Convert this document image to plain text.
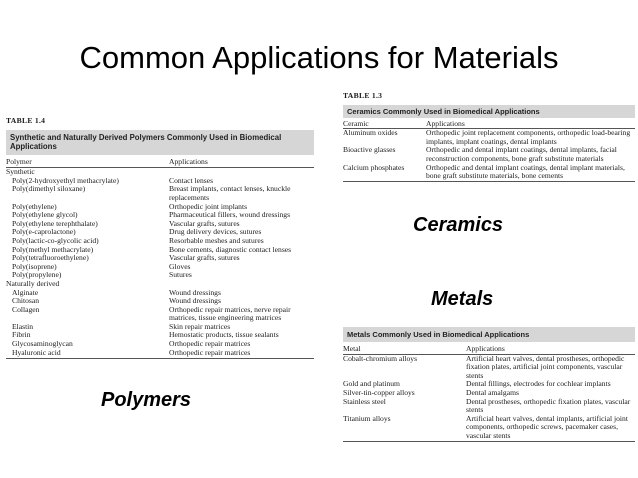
Common Applications for Materials
TABLE 1.4
Synthetic and Naturally Derived Polymers Commonly Used in Biomedical Applications
Polymer	Applications
Synthetic
Poly(2-hydroxyethyl methacrylate)	Contact lenses
Poly(dimethyl siloxane)	Breast implants, contact lenses, knuckle replacements
Poly(ethylene)	Orthopedic joint implants
Poly(ethylene glycol)	Pharmaceutical fillers, wound dressings
Poly(ethylene terephthalate)	Vascular grafts, sutures
Poly(e-caprolactone)	Drug delivery devices, sutures
Poly(lactic-co-glycolic acid)	Resorbable meshes and sutures
Poly(methyl methacrylate)	Bone cements, diagnostic contact lenses
Poly(tetrafluoroethylene)	Vascular grafts, sutures
Poly(isoprene)	Gloves
Poly(propylene)	Sutures
Naturally derived
Alginate	Wound dressings
Chitosan	Wound dressings
Collagen	Orthopedic repair matrices, nerve repair matrices, tissue engineering matrices
Elastin	Skin repair matrices
Fibrin	Hemostatic products, tissue sealants
Glycosaminoglycan	Orthopedic repair matrices
Hyaluronic acid	Orthopedic repair matrices
TABLE 1.3
Ceramics Commonly Used in Biomedical Applications
Ceramic	Applications
Aluminum oxides	Orthopedic joint replacement components, orthopedic load-bearing implants, implant coatings, dental implants
Bioactive glasses	Orthopedic and dental implant coatings, dental implants, facial reconstruction components, bone graft substitute materials
Calcium phosphates	Orthopedic and dental implant coatings, dental implant materials, bone graft substitute materials, bone cements
Metals Commonly Used in Biomedical Applications
Metal	Applications
Cobalt-chromium alloys	Artificial heart valves, dental prostheses, orthopedic fixation plates, artificial joint components, vascular stents
Gold and platinum	Dental fillings, electrodes for cochlear implants
Silver-tin-copper alloys	Dental amalgams
Stainless steel	Dental prostheses, orthopedic fixation plates, vascular stents
Titanium alloys	Artificial heart valves, dental implants, artificial joint components, orthopedic screws, pacemaker cases, vascular stents
Ceramics
Metals
Polymers
